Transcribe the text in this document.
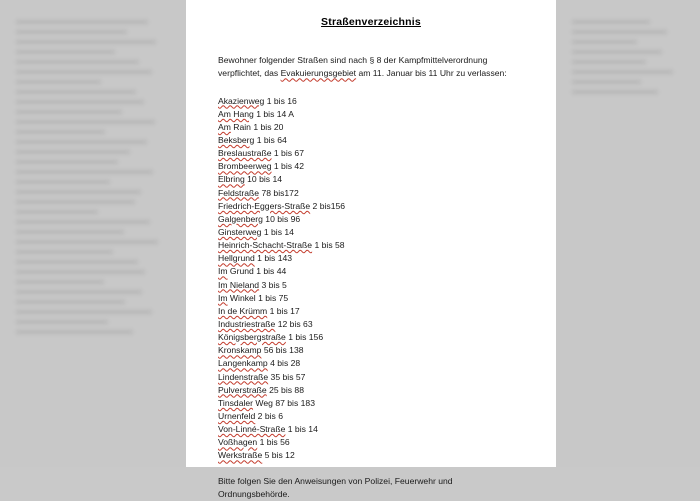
Straßenverzeichnis

Bewohner folgender Straßen sind nach § 8 der Kampfmittelverordnung verpflichtet, das Evakuierungsgebiet am 11. Januar bis 11 Uhr zu verlassen:

Akazienweg 1 bis 16
Am Hang 1 bis 14 A
Am Rain 1 bis 20
Beksberg 1 bis 64
Breslaustraße 1 bis 67
Brombeerweg 1 bis 42
Elbring 10 bis 14
Feldstraße 78 bis172
Friedrich-Eggers-Straße 2 bis156
Galgenberg 10 bis 96
Ginsterweg 1 bis 14
Heinrich-Schacht-Straße 1 bis 58
Hellgrund 1 bis 143
Im Grund 1 bis 44
Im Nieland 3 bis 5
Im Winkel 1 bis 75
In de Krümm 1 bis 17
Industriestraße 12 bis 63
Königsbergstraße 1 bis 156
Kronskamp 56 bis 138
Langenkamp 4 bis 28
Lindenstraße 35 bis 57
Pulverstraße 25 bis 88
Tinsdaler Weg 87 bis 183
Urnenfeld 2 bis 6
Von-Linné-Straße 1 bis 14
Voßhagen 1 bis 56
Werkstraße 5 bis 12

Bitte folgen Sie den Anweisungen von Polizei, Feuerwehr und Ordnungsbehörde.
